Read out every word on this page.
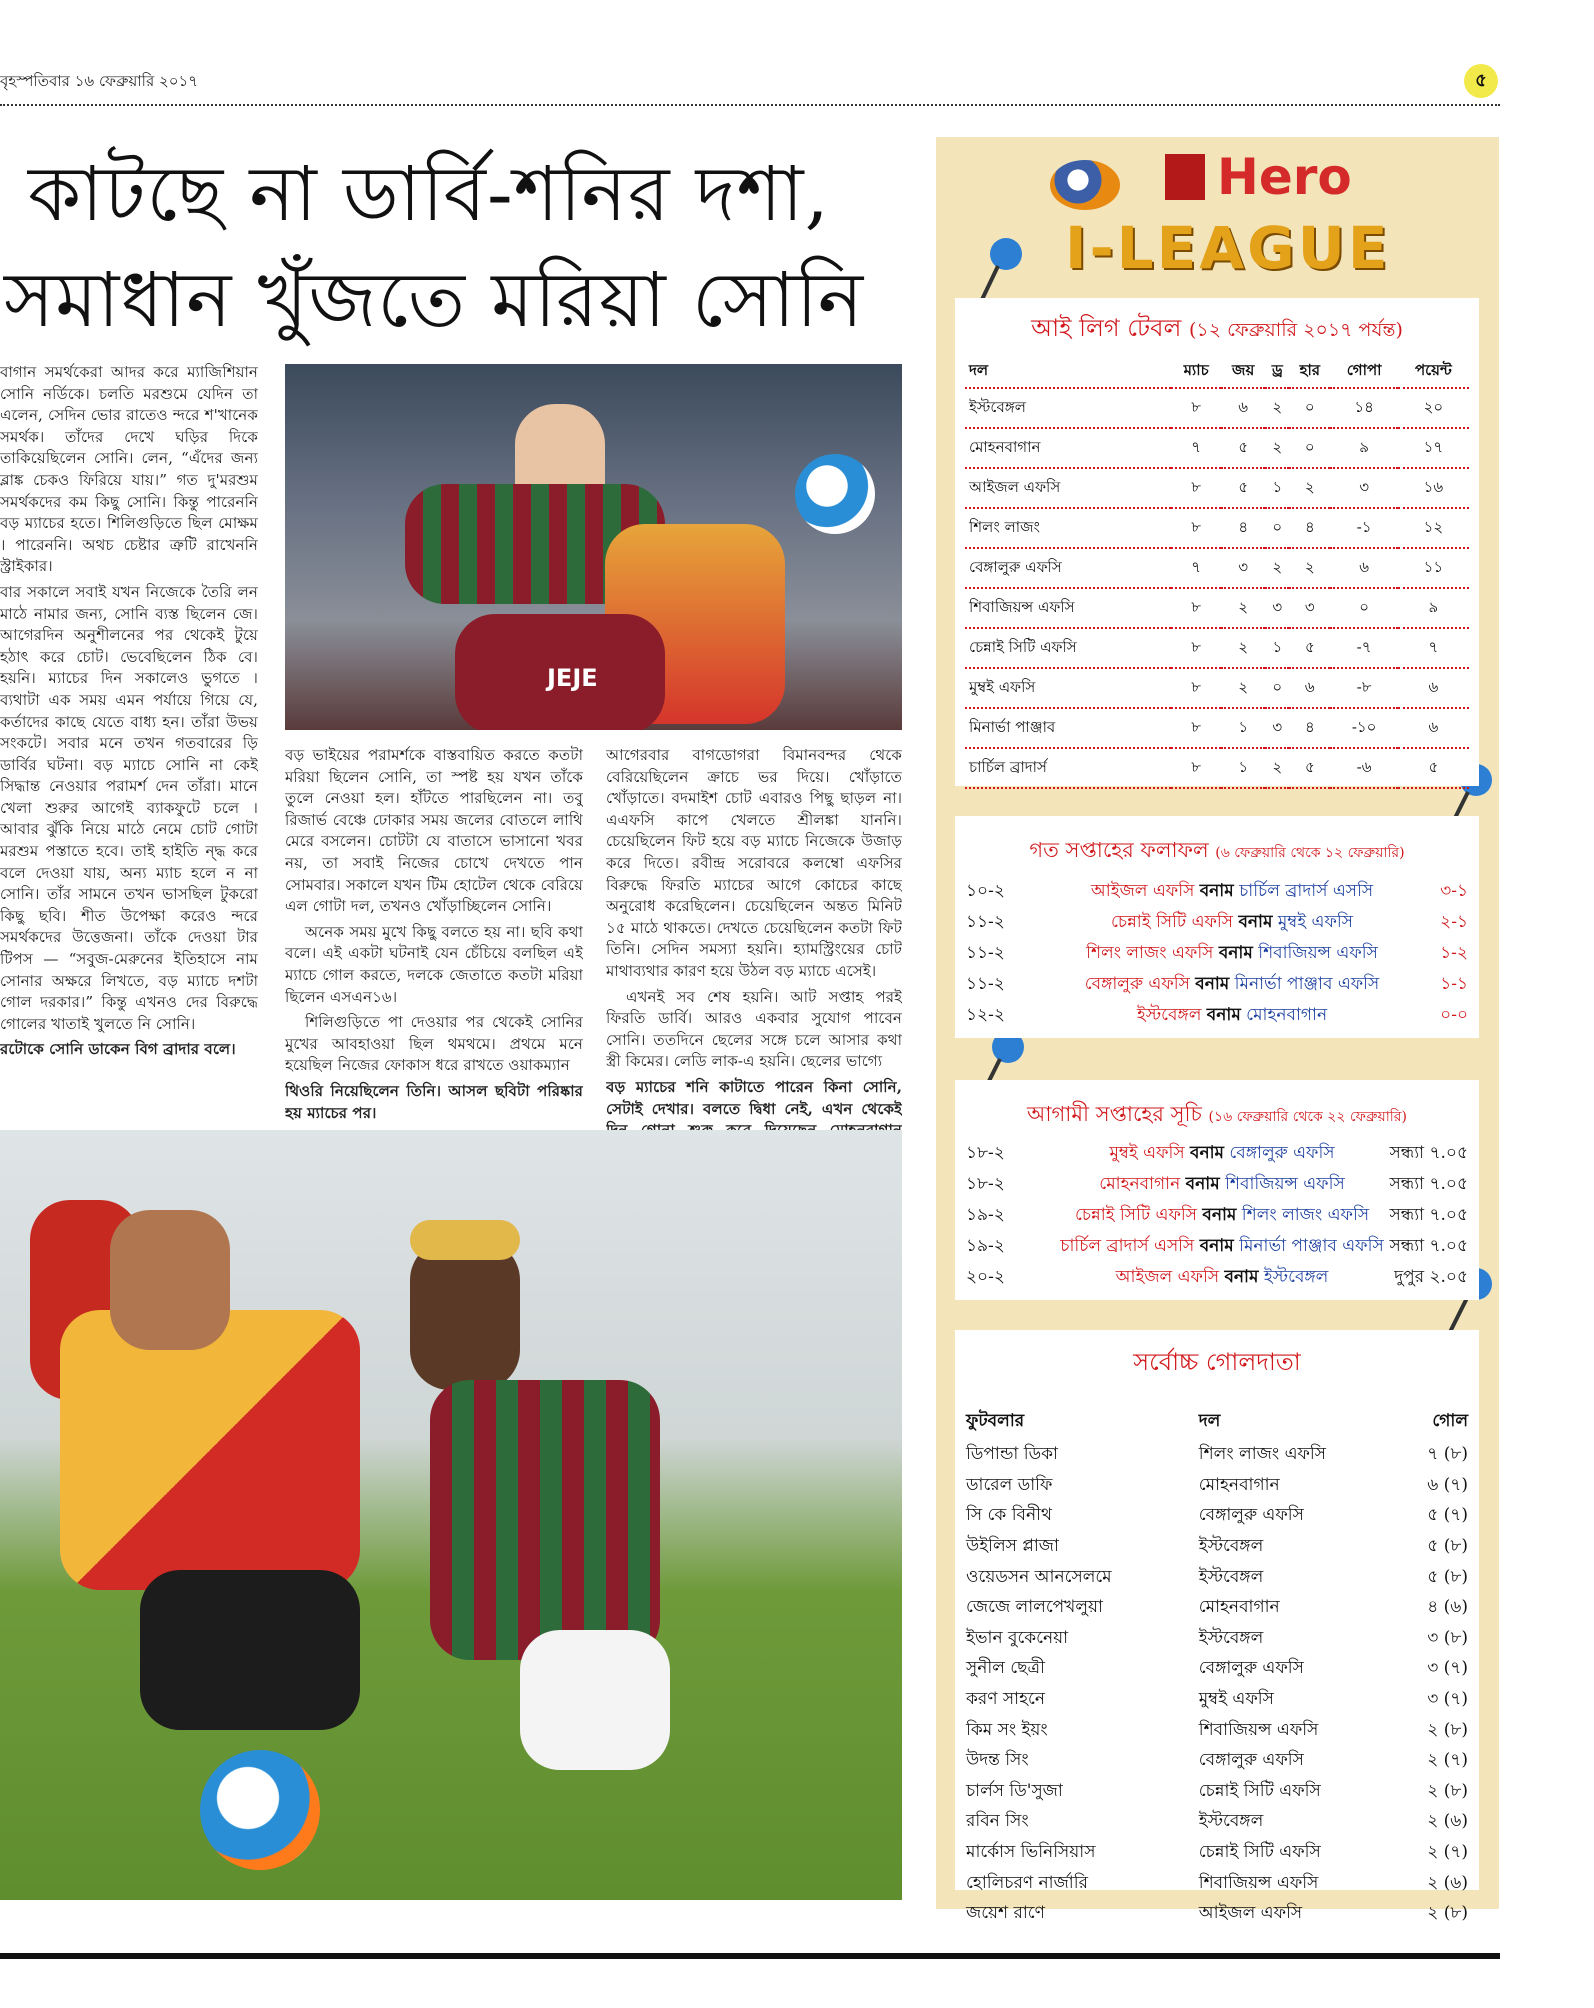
বৃহস্পতিবার ১৬ ফেব্রুয়ারি ২০১৭	৫
কাটছে না ডার্বি-শনির দশা,
সমাধান খুঁজতে মরিয়া সোনি

বাগান সমর্থকেরা আদর করে ম্যাজিশিয়ান সোনি নর্ডিকে। চলতি মরশুমে যেদিন তা এলেন, সেদিন ভোর রাতেও ন্দরে শ'খানেক সমর্থক। তাঁদের দেখে ঘড়ির দিকে তাকিয়েছিলেন সোনি। লেন, “এঁদের জন্য ব্লাঙ্ক চেকও ফিরিয়ে যায়।” গত দু'মরশুম সমর্থকদের কম কিছু সোনি। কিন্তু পারেননি বড় ম্যাচের হতে। শিলিগুড়িতে ছিল মোক্ষম । পারেননি। অথচ চেষ্টার ত্রুটি রাখেননি স্ট্রাইকার।

বার সকালে সবাই যখন নিজেকে তৈরি লন মাঠে নামার জন্য, সোনি ব্যস্ত ছিলেন জে। আগেরদিন অনুশীলনের পর থেকেই টুয়ে হঠাৎ করে চোট। ভেবেছিলেন ঠিক বে। হয়নি। ম্যাচের দিন সকালেও ভুগতে । ব্যথাটা এক সময় এমন পর্যায়ে গিয়ে যে, কর্তাদের কাছে যেতে বাধ্য হন। তাঁরা উভয় সংকটে। সবার মনে তখন গতবারের ড়ি ডার্বির ঘটনা। বড় ম্যাচে সোনি না কেই সিদ্ধান্ত নেওয়ার পরামর্শ দেন তাঁরা। মানে খেলা শুরুর আগেই ব্যাকফুটে চলে । আবার ঝুঁকি নিয়ে মাঠে নেমে চোট গোটা মরশুম পস্তাতে হবে। তাই হাইতি ন্দ্ধ করে বলে দেওয়া যায়, অন্য ম্যাচ হলে ন না সোনি। তাঁর সামনে তখন ভাসছিল টুকরো কিছু ছবি। শীত উপেক্ষা করেও ন্দরে সমর্থকদের উত্তেজনা। তাঁকে দেওয়া টার টিপস — “সবুজ-মেরুনের ইতিহাসে নাম সোনার অক্ষরে লিখতে, বড় ম্যাচে দশটা গোল দরকার।” কিন্তু এখনও দের বিরুদ্ধে গোলের খাতাই খুলতে নি সোনি।

রটোকে সোনি ডাকেন বিগ ব্রাদার বলে।

JEJE

বড় ভাইয়ের পরামর্শকে বাস্তবায়িত করতে কতটা মরিয়া ছিলেন সোনি, তা স্পষ্ট হয় যখন তাঁকে তুলে নেওয়া হল। হাঁটতে পারছিলেন না। তবু রিজার্ভ বেঞ্চে ঢোকার সময় জলের বোতলে লাথি মেরে বসলেন। চোটটা যে বাতাসে ভাসানো খবর নয়, তা সবাই নিজের চোখে দেখতে পান সোমবার। সকালে যখন টিম হোটেল থেকে বেরিয়ে এল গোটা দল, তখনও খোঁড়াচ্ছিলেন সোনি।

অনেক সময় মুখে কিছু বলতে হয় না। ছবি কথা বলে। এই একটা ঘটনাই যেন চেঁচিয়ে বলছিল এই ম্যাচে গোল করতে, দলকে জেতাতে কতটা মরিয়া ছিলেন এসএন১৬।

শিলিগুড়িতে পা দেওয়ার পর থেকেই সোনির মুখের আবহাওয়া ছিল থমথমে। প্রথমে মনে হয়েছিল নিজের ফোকাস ধরে রাখতে ওয়াকম্যান

থিওরি নিয়েছিলেন তিনি। আসল ছবিটা পরিষ্কার হয় ম্যাচের পর।

আগেরবার বাগডোগরা বিমানবন্দর থেকে বেরিয়েছিলেন ক্রাচে ভর দিয়ে। খোঁড়াতে খোঁড়াতে। বদমাইশ চোট এবারও পিছু ছাড়ল না। এএফসি কাপে খেলতে শ্রীলঙ্কা যাননি। চেয়েছিলেন ফিট হয়ে বড় ম্যাচে নিজেকে উজাড় করে দিতে। রবীন্দ্র সরোবরে কলম্বো এফসির বিরুদ্ধে ফিরতি ম্যাচের আগে কোচের কাছে অনুরোধ করেছিলেন। চেয়েছিলেন অন্তত মিনিট ১৫ মাঠে থাকতে। দেখতে চেয়েছিলেন কতটা ফিট তিনি। সেদিন সমস্যা হয়নি। হ্যামস্ট্রিংয়ের চোট মাথাব্যথার কারণ হয়ে উঠল বড় ম্যাচে এসেই।

এখনই সব শেষ হয়নি। আট সপ্তাহ পরই ফিরতি ডার্বি। আরও একবার সুযোগ পাবেন সোনি। ততদিনে ছেলের সঙ্গে চলে আসার কথা স্ত্রী কিমের। লেডি লাক-এ হয়নি। ছেলের ভাগ্যে

বড় ম্যাচের শনি কাটাতে পারেন কিনা সোনি, সেটাই দেখার। বলতে দ্বিধা নেই, এখন থেকেই

Hero
I-LEAGUE
আই লিগ টেবল (১২ ফেব্রুয়ারি ২০১৭ পর্যন্ত)
দল	ম্যাচ	জয়	ড্র	হার	গোপা	পয়েন্ট
ইস্টবেঙ্গল	৮	৬	২	০	১৪	২০
মোহনবাগান	৭	৫	২	০	৯	১৭
আইজল এফসি	৮	৫	১	২	৩	১৬
শিলং লাজং	৮	৪	০	৪	-১	১২
বেঙ্গালুরু এফসি	৭	৩	২	২	৬	১১
শিবাজিয়ন্স এফসি	৮	২	৩	৩	০	৯
চেন্নাই সিটি এফসি	৮	২	১	৫	-৭	৭
মুম্বই এফসি	৮	২	০	৬	-৮	৬
মিনার্ভা পাঞ্জাব	৮	১	৩	৪	-১০	৬
চার্চিল ব্রাদার্স	৮	১	২	৫	-৬	৫
গত সপ্তাহের ফলাফল (৬ ফেব্রুয়ারি থেকে ১২ ফেব্রুয়ারি)
১০-২	আইজল এফসি বনাম চার্চিল ব্রাদার্স এসসি	৩-১
১১-২	চেন্নাই সিটি এফসি বনাম মুম্বই এফসি	২-১
১১-২	শিলং লাজং এফসি বনাম শিবাজিয়ন্স এফসি	১-২
১১-২	বেঙ্গালুরু এফসি বনাম মিনার্ভা পাঞ্জাব এফসি	১-১
১২-২	ইস্টবেঙ্গল বনাম মোহনবাগান	০-০
আগামী সপ্তাহের সূচি (১৬ ফেব্রুয়ারি থেকে ২২ ফেব্রুয়ারি)
১৮-২	মুম্বই এফসি বনাম বেঙ্গালুরু এফসি	সন্ধ্যা ৭.০৫
১৮-২	মোহনবাগান বনাম শিবাজিয়ন্স এফসি	সন্ধ্যা ৭.০৫
১৯-২	চেন্নাই সিটি এফসি বনাম শিলং লাজং এফসি	সন্ধ্যা ৭.০৫
১৯-২	চার্চিল ব্রাদার্স এসসি বনাম মিনার্ভা পাঞ্জাব এফসি	সন্ধ্যা ৭.০৫
২০-২	আইজল এফসি বনাম ইস্টবেঙ্গল	দুপুর ২.০৫
সর্বোচ্চ গোলদাতা
ফুটবলার	দল	গোল
ডিপান্ডা ডিকা	শিলং লাজং এফসি	৭ (৮)
ডারেল ডাফি	মোহনবাগান	৬ (৭)
সি কে বিনীথ	বেঙ্গালুরু এফসি	৫ (৭)
উইলিস প্লাজা	ইস্টবেঙ্গল	৫ (৮)
ওয়েডসন আনসেলমে	ইস্টবেঙ্গল	৫ (৮)
জেজে লালপেখলুয়া	মোহনবাগান	৪ (৬)
ইভান বুকেনেয়া	ইস্টবেঙ্গল	৩ (৮)
সুনীল ছেত্রী	বেঙ্গালুরু এফসি	৩ (৭)
করণ সাহনে	মুম্বই এফসি	৩ (৭)
কিম সং ইয়ং	শিবাজিয়ন্স এফসি	২ (৮)
উদন্ত সিং	বেঙ্গালুরু এফসি	২ (৭)
চার্লস ডি'সুজা	চেন্নাই সিটি এফসি	২ (৮)
রবিন সিং	ইস্টবেঙ্গল	২ (৬)
মার্কোস ভিনিসিয়াস	চেন্নাই সিটি এফসি	২ (৭)
হোলিচরণ নার্জারি	শিবাজিয়ন্স এফসি	২ (৬)
জয়েশ রাণে	আইজল এফসি	২ (৮)
